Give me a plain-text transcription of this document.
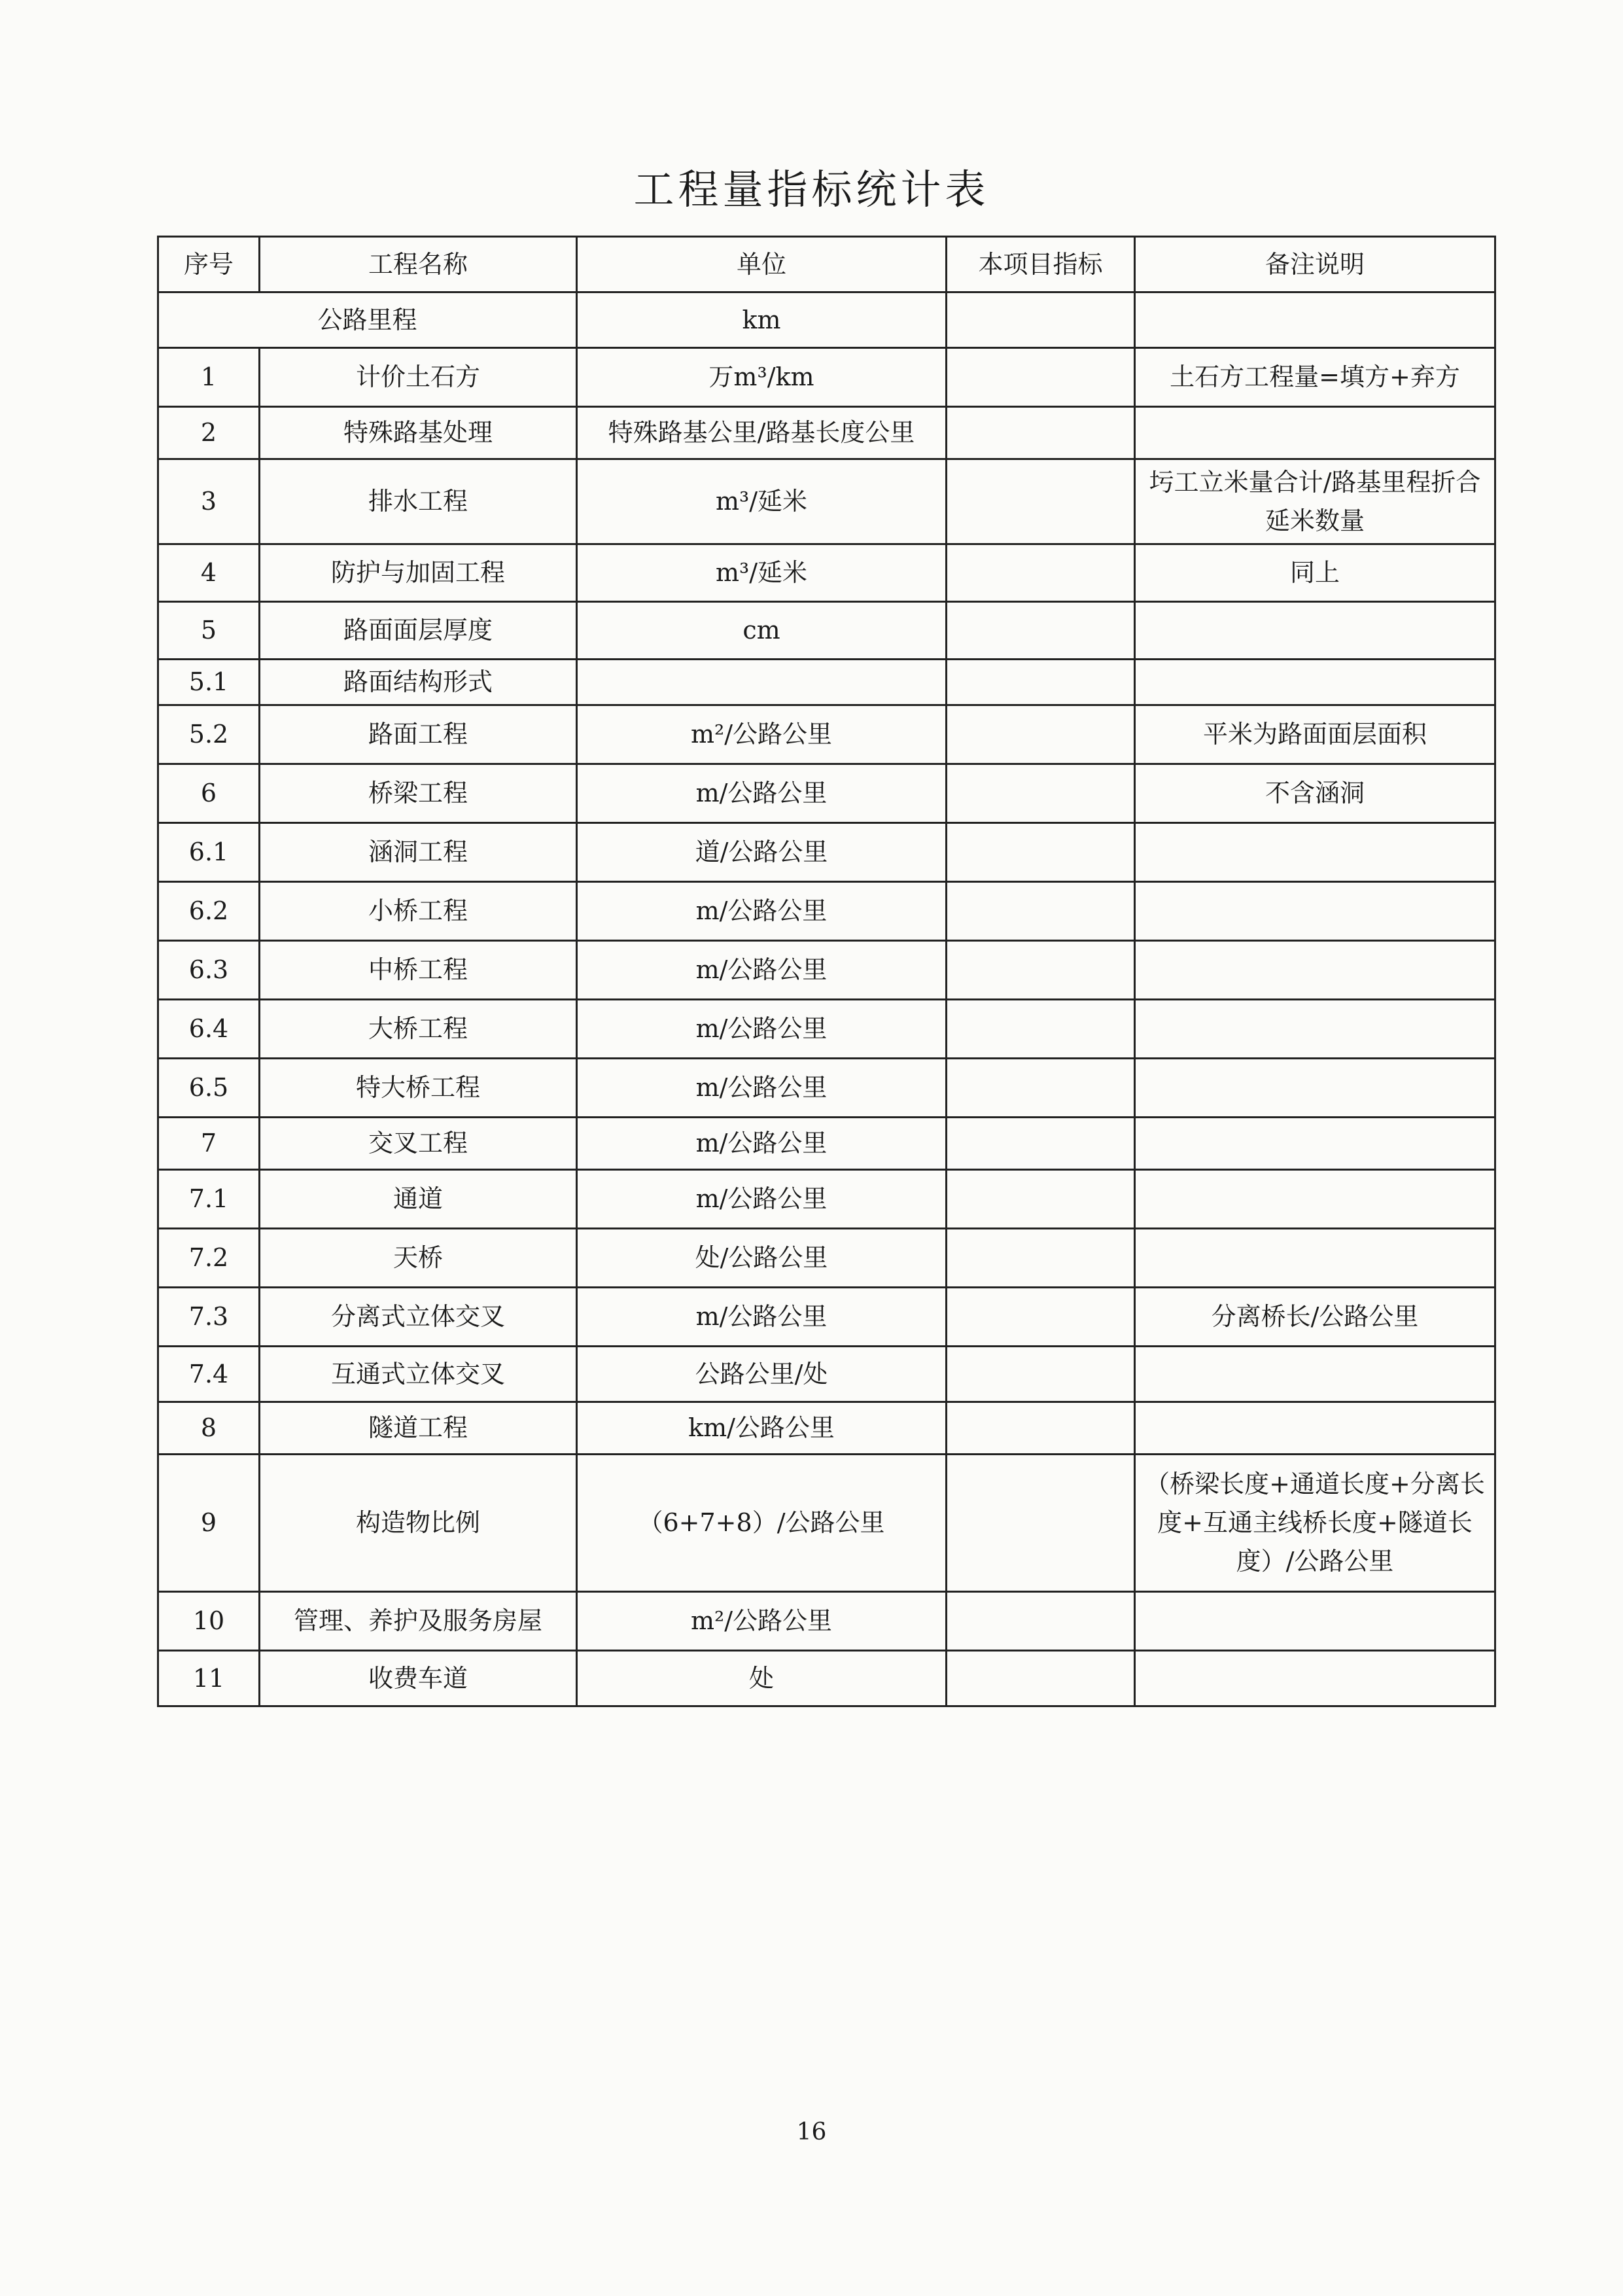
工程量指标统计表
序号	工程名称	单位	本项目指标	备注说明
公路里程		km		
1	计价土石方	万m³/km		土石方工程量=填方+弃方
2	特殊路基处理	特殊路基公里/路基长度公里		
3	排水工程	m³/延米		圬工立米量合计/路基里程折合延米数量
4	防护与加固工程	m³/延米		同上
5	路面面层厚度	cm		
5.1	路面结构形式			
5.2	路面工程	m²/公路公里		平米为路面面层面积
6	桥梁工程	m/公路公里		不含涵洞
6.1	涵洞工程	道/公路公里		
6.2	小桥工程	m/公路公里		
6.3	中桥工程	m/公路公里		
6.4	大桥工程	m/公路公里		
6.5	特大桥工程	m/公路公里		
7	交叉工程	m/公路公里		
7.1	通道	m/公路公里		
7.2	天桥	处/公路公里		
7.3	分离式立体交叉	m/公路公里		分离桥长/公路公里
7.4	互通式立体交叉	公路公里/处		
8	隧道工程	km/公路公里		
9	构造物比例	（6+7+8）/公路公里		（桥梁长度+通道长度+分离长度+互通主线桥长度+隧道长度）/公路公里
10	管理、养护及服务房屋	m²/公路公里		
11	收费车道	处		
16
